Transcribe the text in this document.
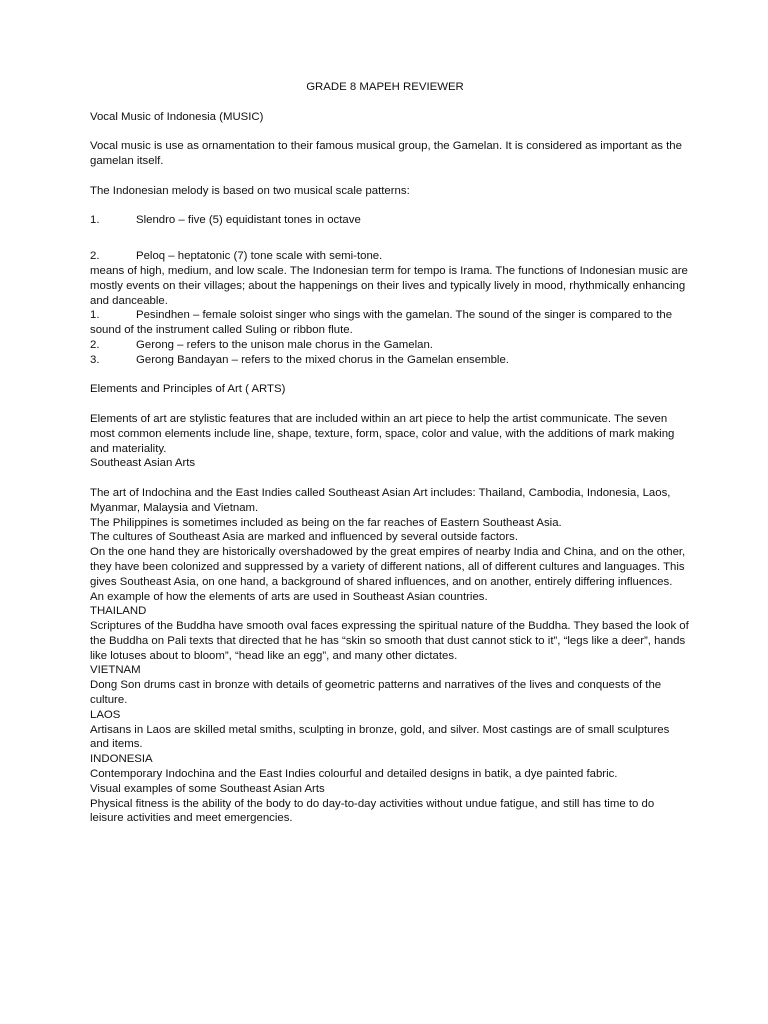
GRADE 8 MAPEH REVIEWER

Vocal Music of Indonesia (MUSIC)

Vocal music is use as ornamentation to their famous musical group, the Gamelan. It is considered as important as the gamelan itself.

The Indonesian melody is based on two musical scale patterns:

1.	Slendro – five (5) equidistant tones in octave

2.	Peloq – heptatonic (7) tone scale with semi-tone.

means of high, medium, and low scale. The Indonesian term for tempo is Irama. The functions of Indonesian music are mostly events on their villages; about the happenings on their lives and typically lively in mood, rhythmically enhancing and danceable.

1.	Pesindhen – female soloist singer who sings with the gamelan. The sound of the singer is compared to the sound of the instrument called Suling or ribbon flute.

2.	Gerong – refers to the unison male chorus in the Gamelan.

3.	Gerong Bandayan – refers to the mixed chorus in the Gamelan ensemble.

Elements and Principles of Art ( ARTS)

Elements of art are stylistic features that are included within an art piece to help the artist communicate. The seven most common elements include line, shape, texture, form, space, color and value, with the additions of mark making and materiality.

Southeast Asian Arts

The art of Indochina and the East Indies called Southeast Asian Art includes: Thailand, Cambodia, Indonesia, Laos, Myanmar, Malaysia and Vietnam.

The Philippines is sometimes included as being on the far reaches of Eastern Southeast Asia.

The cultures of Southeast Asia are marked and influenced by several outside factors.

On the one hand they are historically overshadowed by the great empires of nearby India and China, and on the other, they have been colonized and suppressed by a variety of different nations, all of different cultures and languages. This gives Southeast Asia, on one hand, a background of shared influences, and on another, entirely differing influences.

An example of how the elements of arts are used in Southeast Asian countries.

THAILAND

Scriptures of the Buddha have smooth oval faces expressing the spiritual nature of the Buddha. They based the look of the Buddha on Pali texts that directed that he has “skin so smooth that dust cannot stick to it”, “legs like a deer”, hands like lotuses about to bloom”, “head like an egg”, and many other dictates.

VIETNAM

Dong Son drums cast in bronze with details of geometric patterns and narratives of the lives and conquests of the culture.

LAOS

Artisans in Laos are skilled metal smiths, sculpting in bronze, gold, and silver. Most castings are of small sculptures and items.

INDONESIA

Contemporary Indochina and the East Indies colourful and detailed designs in batik, a dye painted fabric.

Visual examples of some Southeast Asian Arts

Physical fitness is the ability of the body to do day-to-day activities without undue fatigue, and still has time to do leisure activities and meet emergencies.
